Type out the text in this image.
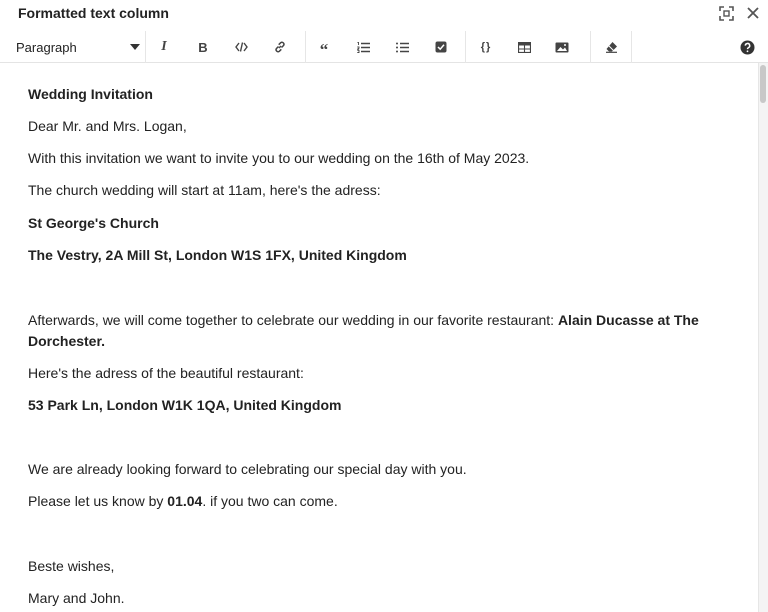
Formatted text column
Paragraph	I B	“	{}
Wedding Invitation
Dear Mr. and Mrs. Logan,
With this invitation we want to invite you to our wedding on the 16th of May 2023.
The church wedding will start at 11am, here's the adress:
St George's Church
The Vestry, 2A Mill St, London W1S 1FX, United Kingdom
Afterwards, we will come together to celebrate our wedding in our favorite restaurant: Alain Ducasse at The Dorchester.
Here's the adress of the beautiful restaurant:
53 Park Ln, London W1K 1QA, United Kingdom
We are already looking forward to celebrating our special day with you.
Please let us know by 01.04. if you two can come.
Beste wishes,
Mary and John.
